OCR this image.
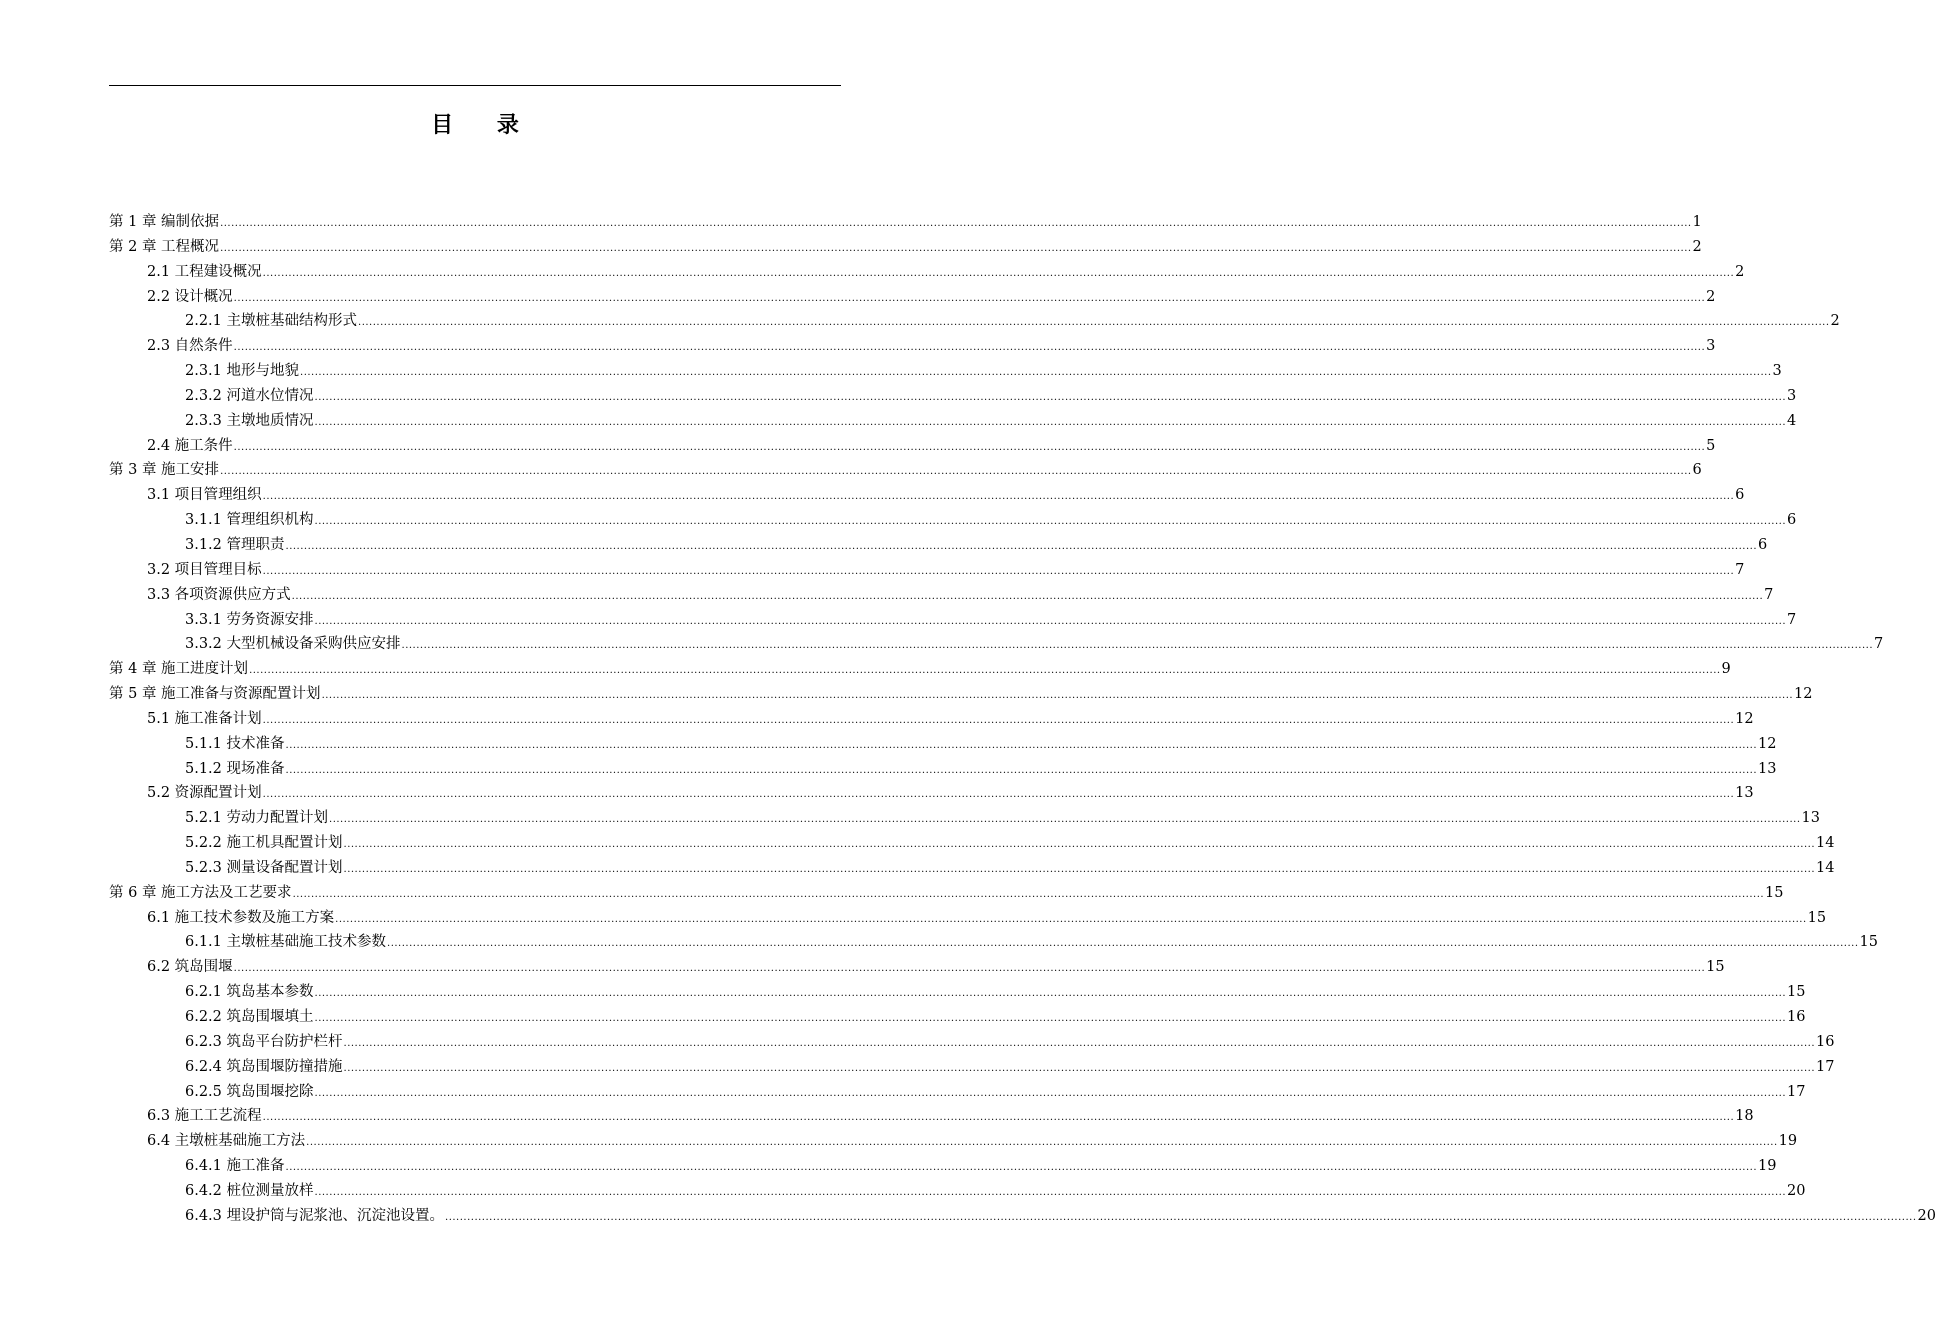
目 录
第 1 章 编制依据 ................................................................................................................................................................................................................................................................................................................................................................................................................ 1
第 2 章 工程概况 ................................................................................................................................................................................................................................................................................................................................................................................................................ 2
2.1 工程建设概况 ................................................................................................................................................................................................................................................................................................................................................................................................................ 2
2.2 设计概况 ................................................................................................................................................................................................................................................................................................................................................................................................................ 2
2.2.1 主墩桩基础结构形式 ................................................................................................................................................................................................................................................................................................................................................................................................................ 2
2.3 自然条件 ................................................................................................................................................................................................................................................................................................................................................................................................................ 3
2.3.1 地形与地貌 ................................................................................................................................................................................................................................................................................................................................................................................................................ 3
2.3.2 河道水位情况 ................................................................................................................................................................................................................................................................................................................................................................................................................ 3
2.3.3 主墩地质情况 ................................................................................................................................................................................................................................................................................................................................................................................................................ 4
2.4 施工条件 ................................................................................................................................................................................................................................................................................................................................................................................................................ 5
第 3 章 施工安排 ................................................................................................................................................................................................................................................................................................................................................................................................................ 6
3.1 项目管理组织 ................................................................................................................................................................................................................................................................................................................................................................................................................ 6
3.1.1 管理组织机构 ................................................................................................................................................................................................................................................................................................................................................................................................................ 6
3.1.2 管理职责 ................................................................................................................................................................................................................................................................................................................................................................................................................ 6
3.2 项目管理目标 ................................................................................................................................................................................................................................................................................................................................................................................................................ 7
3.3 各项资源供应方式 ................................................................................................................................................................................................................................................................................................................................................................................................................ 7
3.3.1 劳务资源安排 ................................................................................................................................................................................................................................................................................................................................................................................................................ 7
3.3.2 大型机械设备采购供应安排 ................................................................................................................................................................................................................................................................................................................................................................................................................ 7
第 4 章 施工进度计划 ................................................................................................................................................................................................................................................................................................................................................................................................................ 9
第 5 章 施工准备与资源配置计划 ................................................................................................................................................................................................................................................................................................................................................................................................................ 12
5.1 施工准备计划 ................................................................................................................................................................................................................................................................................................................................................................................................................ 12
5.1.1 技术准备 ................................................................................................................................................................................................................................................................................................................................................................................................................ 12
5.1.2 现场准备 ................................................................................................................................................................................................................................................................................................................................................................................................................ 13
5.2 资源配置计划 ................................................................................................................................................................................................................................................................................................................................................................................................................ 13
5.2.1 劳动力配置计划 ................................................................................................................................................................................................................................................................................................................................................................................................................ 13
5.2.2 施工机具配置计划 ................................................................................................................................................................................................................................................................................................................................................................................................................ 14
5.2.3 测量设备配置计划 ................................................................................................................................................................................................................................................................................................................................................................................................................ 14
第 6 章 施工方法及工艺要求 ................................................................................................................................................................................................................................................................................................................................................................................................................ 15
6.1 施工技术参数及施工方案 ................................................................................................................................................................................................................................................................................................................................................................................................................ 15
6.1.1 主墩桩基础施工技术参数 ................................................................................................................................................................................................................................................................................................................................................................................................................ 15
6.2 筑岛围堰 ................................................................................................................................................................................................................................................................................................................................................................................................................ 15
6.2.1 筑岛基本参数 ................................................................................................................................................................................................................................................................................................................................................................................................................ 15
6.2.2 筑岛围堰填土 ................................................................................................................................................................................................................................................................................................................................................................................................................ 16
6.2.3 筑岛平台防护栏杆 ................................................................................................................................................................................................................................................................................................................................................................................................................ 16
6.2.4 筑岛围堰防撞措施 ................................................................................................................................................................................................................................................................................................................................................................................................................ 17
6.2.5 筑岛围堰挖除 ................................................................................................................................................................................................................................................................................................................................................................................................................ 17
6.3 施工工艺流程 ................................................................................................................................................................................................................................................................................................................................................................................................................ 18
6.4 主墩桩基础施工方法 ................................................................................................................................................................................................................................................................................................................................................................................................................ 19
6.4.1 施工准备 ................................................................................................................................................................................................................................................................................................................................................................................................................ 19
6.4.2 桩位测量放样 ................................................................................................................................................................................................................................................................................................................................................................................................................ 20
6.4.3 埋设护筒与泥浆池、沉淀池设置。 ................................................................................................................................................................................................................................................................................................................................................................................................................ 20
